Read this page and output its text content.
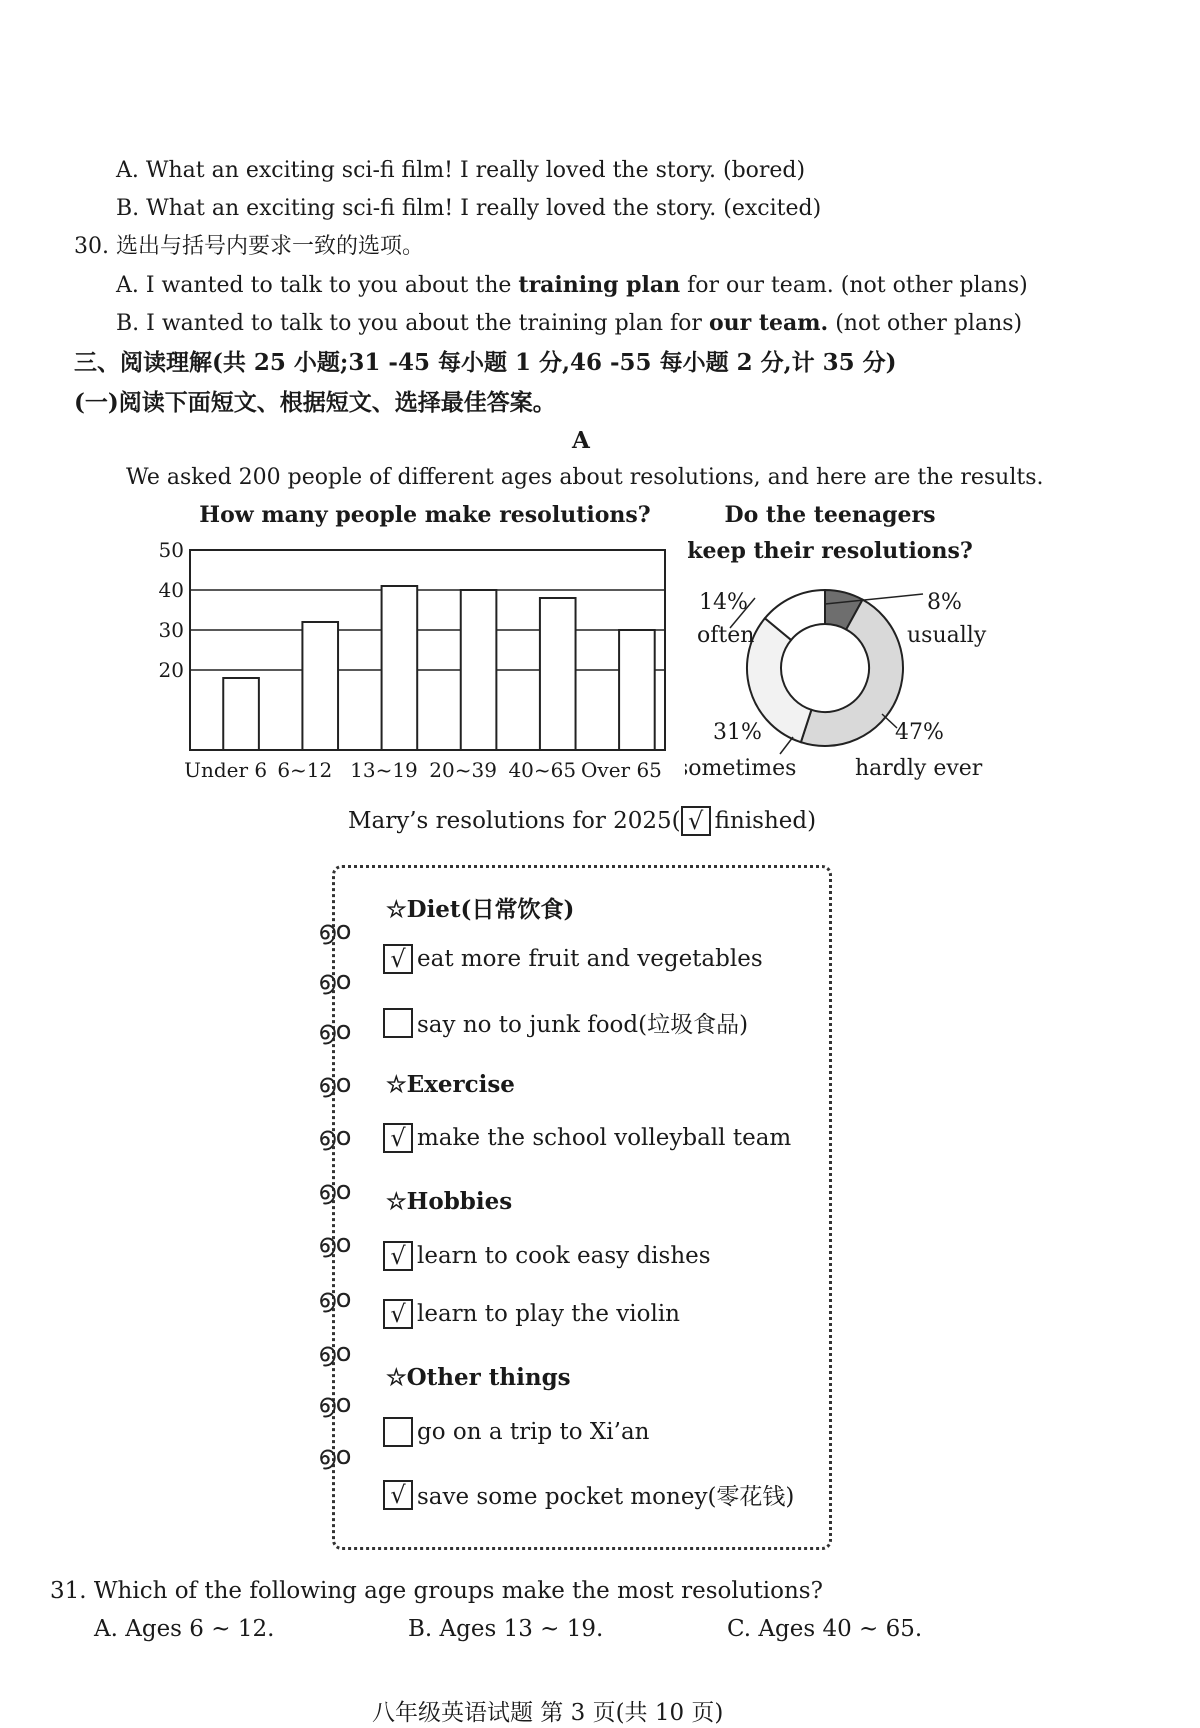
A. What an exciting sci-fi film! I really loved the story. (bored)
B. What an exciting sci-fi film! I really loved the story. (excited)
30. 选出与括号内要求一致的选项。
A. I wanted to talk to you about the training plan for our team. (not other plans)
B. I wanted to talk to you about the training plan for our team. (not other plans)
三、阅读理解(共 25 小题;31 -45 每小题 1 分,46 -55 每小题 2 分,计 35 分)
(一)阅读下面短文、根据短文、选择最佳答案。
A
We asked 200 people of different ages about resolutions, and here are the results.
How many people make resolutions?
20
30
40
50
Under 6 6~12 13~19 20~39 40~65 Over 65
Do the teenagers
keep their resolutions?
14%
often
8%
usually
47%
hardly ever
31%
sometimes
Mary’s resolutions for 2025( √ finished)
൭o
൭o
൭o
൭o
൭o
൭o
൭o
൭o
൭o
൭o
൭o
☆Diet(日常饮食)
√ eat more fruit and vegetables
say no to junk food(垃圾食品)
☆Exercise
√ make the school volleyball team
☆Hobbies
√ learn to cook easy dishes
√ learn to play the violin
☆Other things
go on a trip to Xi’an
√ save some pocket money(零花钱)
31. Which of the following age groups make the most resolutions?
A. Ages 6 ~ 12.	B. Ages 13 ~ 19.	C. Ages 40 ~ 65.
八年级英语试题 第 3 页(共 10 页)
